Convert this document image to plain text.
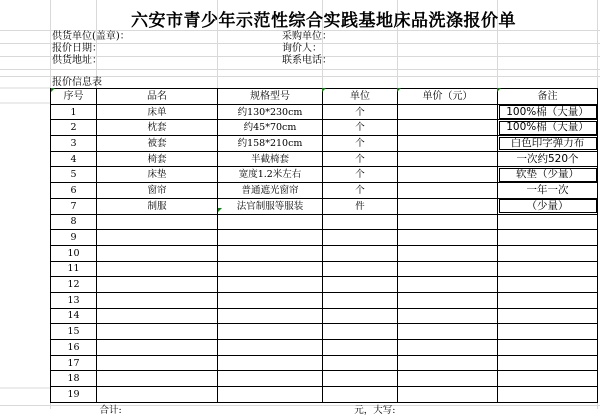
六安市青少年示范性综合实践基地床品洗涤报价单
供货单位(盖章)：	采购单位：
报价日期：	询价人：
供货地址：	联系电话：
报价信息表
序号	品名	规格型号	单位	单价（元）	备注
1	床单	约130*230cm	个		100%棉（大量）
2	枕套	约45*70cm	个		100%棉（大量）
3	被套	约158*210cm	个		白色印字弹力布
4	椅套	半截椅套	个		一次约520个
5	床垫	宽度1.2米左右	个		软垫（少量）
6	窗帘	普通遮光窗帘	个		一年一次
7	制服	法官制服等服装	件		（少量）
8					
9					
10					
11					
12					
13					
14					
15					
16					
17					
18					
19					
	合计:	元，大写:			
